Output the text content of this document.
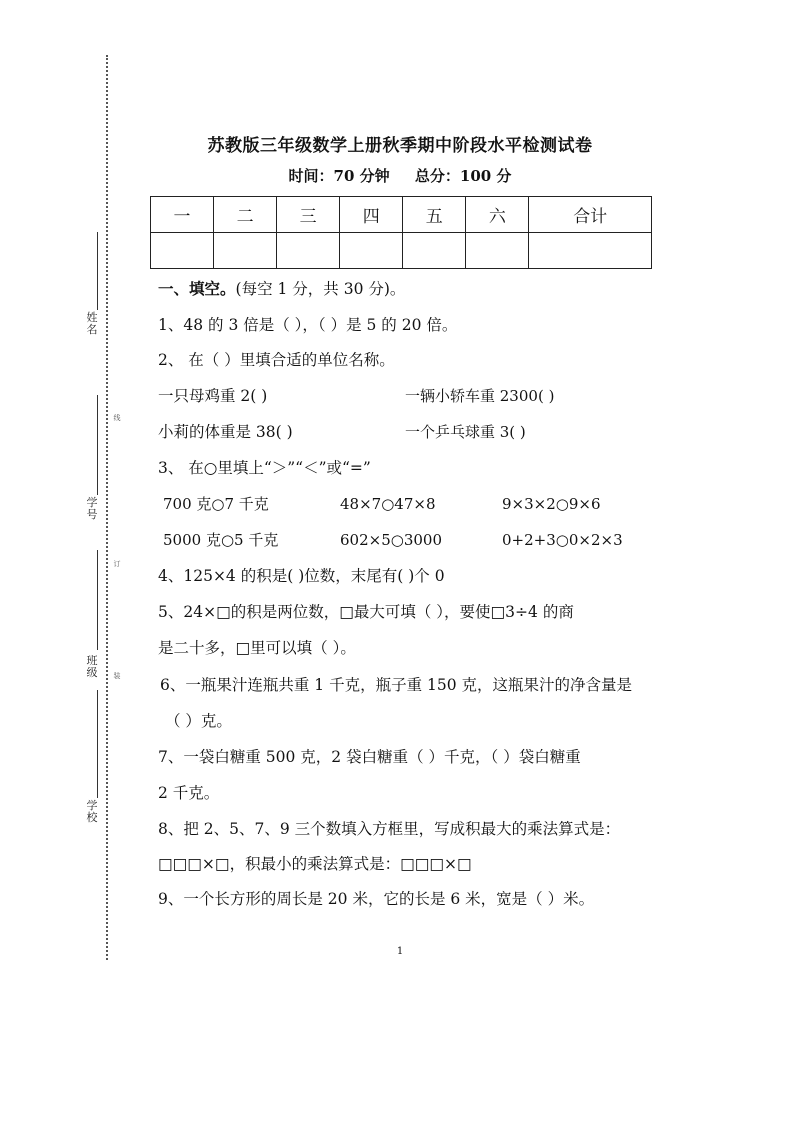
姓
名
线
学
号
订
班
级	装
学
校
苏教版三年级数学上册秋季期中阶段水平检测试卷
时间：70 分钟 总分：100 分
一	二	三	四	五	六	合计

一、填空。(每空 1 分，共 30 分)。
1、48 的 3 倍是（ ），（ ）是 5 的 20 倍。
2、 在（ ）里填合适的单位名称。
一只母鸡重 2( )	一辆小轿车重 2300( )
小莉的体重是 38( )	一个乒乓球重 3( )
3、 在○里填上“＞”“＜”或“=”
700 克○7 千克	48×7○47×8	9×3×2○9×6
5000 克○5 千克	602×5○3000	0+2+3○0×2×3
4、125×4 的积是( )位数，末尾有( )个 0
5、24×□的积是两位数，□最大可填（ ），要使□3÷4 的商
是二十多，□里可以填（ ）。
6、一瓶果汁连瓶共重 1 千克，瓶子重 150 克，这瓶果汁的净含量是
（ ）克。
7、一袋白糖重 500 克，2 袋白糖重（ ）千克，（ ）袋白糖重
2 千克。
8、把 2、5、7、9 三个数填入方框里，写成积最大的乘法算式是：
□□□×□，积最小的乘法算式是：□□□×□
9、一个长方形的周长是 20 米，它的长是 6 米，宽是（ ）米。
1
